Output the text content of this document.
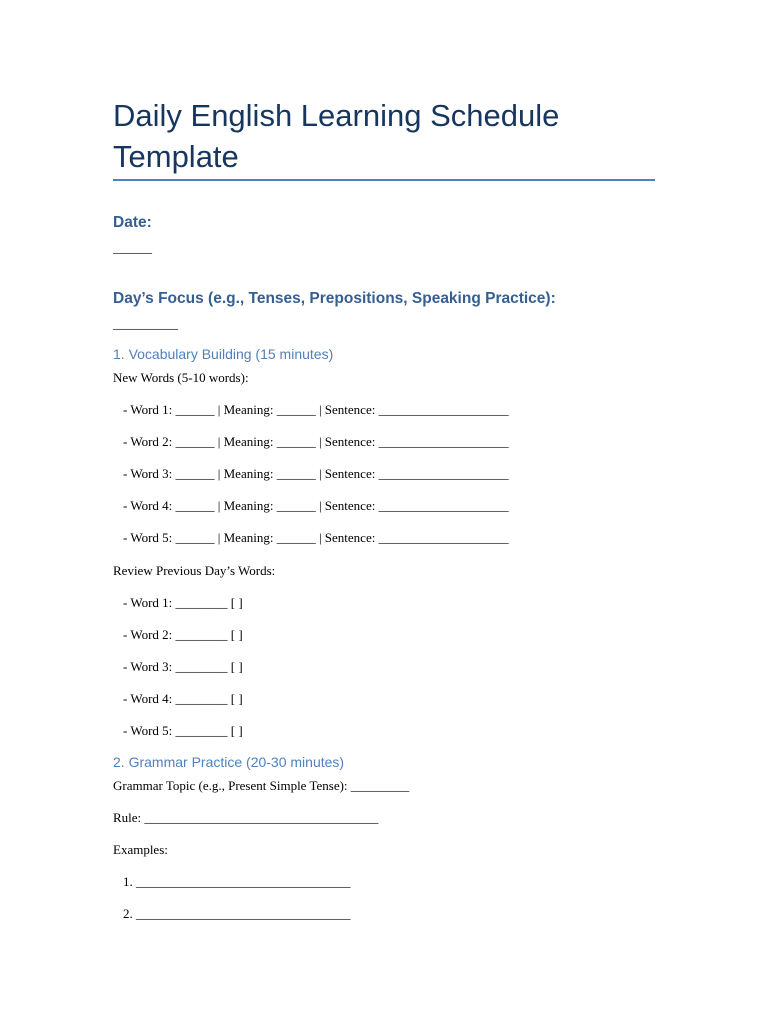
Daily English Learning Schedule Template
Date:

______

Day’s Focus (e.g., Tenses, Prepositions, Speaking Practice):

__________

1. Vocabulary Building (15 minutes)

New Words (5-10 words):

- Word 1: ______ | Meaning: ______ | Sentence: ____________________

- Word 2: ______ | Meaning: ______ | Sentence: ____________________

- Word 3: ______ | Meaning: ______ | Sentence: ____________________

- Word 4: ______ | Meaning: ______ | Sentence: ____________________

- Word 5: ______ | Meaning: ______ | Sentence: ____________________

Review Previous Day’s Words:

- Word 1: ________ [ ]

- Word 2: ________ [ ]

- Word 3: ________ [ ]

- Word 4: ________ [ ]

- Word 5: ________ [ ]

2. Grammar Practice (20-30 minutes)

Grammar Topic (e.g., Present Simple Tense): _________

Rule: ____________________________________

Examples:

1. _________________________________

2. _________________________________
